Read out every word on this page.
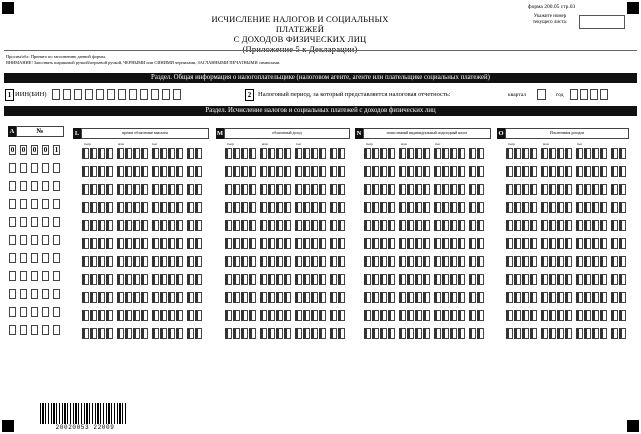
форма 200.05 стр.03
ИСЧИСЛЕНИЕ НАЛОГОВ И СОЦИАЛЬНЫХ ПЛАТЕЖЕЙ
С ДОХОДОВ ФИЗИЧЕСКИХ ЛИЦ
(Приложение 5 к Декларации)
Укажите номер текущего листа:
Просим/обл: Принято по заполнению данной формы.
ВНИМАНИЕ! Заполнять шариковой ручкой/перьевой ручкой, ЧЕРНЫМИ или СИНИМИ чернилами, ЗАГЛАВНЫМИ ПЕЧАТНЫМИ символами.
Раздел. Общая информация о налогоплательщике (налоговом агенте, агенте или плательщике социальных платежей)
1 ИИН(БИН)	2	Налоговый период, за который представляется налоговая отчетность:	квартал	год
Раздел. Исчисление налогов и социальных платежей с доходов физических лиц
A	№	L	прочие облагаемые выплаты	M	облагаемый доход	N	исчисленный индивидуальный подоходный налог	O	Исключения доходов
тыср	млн	тыс	тыср	млн	тыс	тыср	млн	тыс	тыср	млн	тыс
20020053 22009
0 0 0 0 1
